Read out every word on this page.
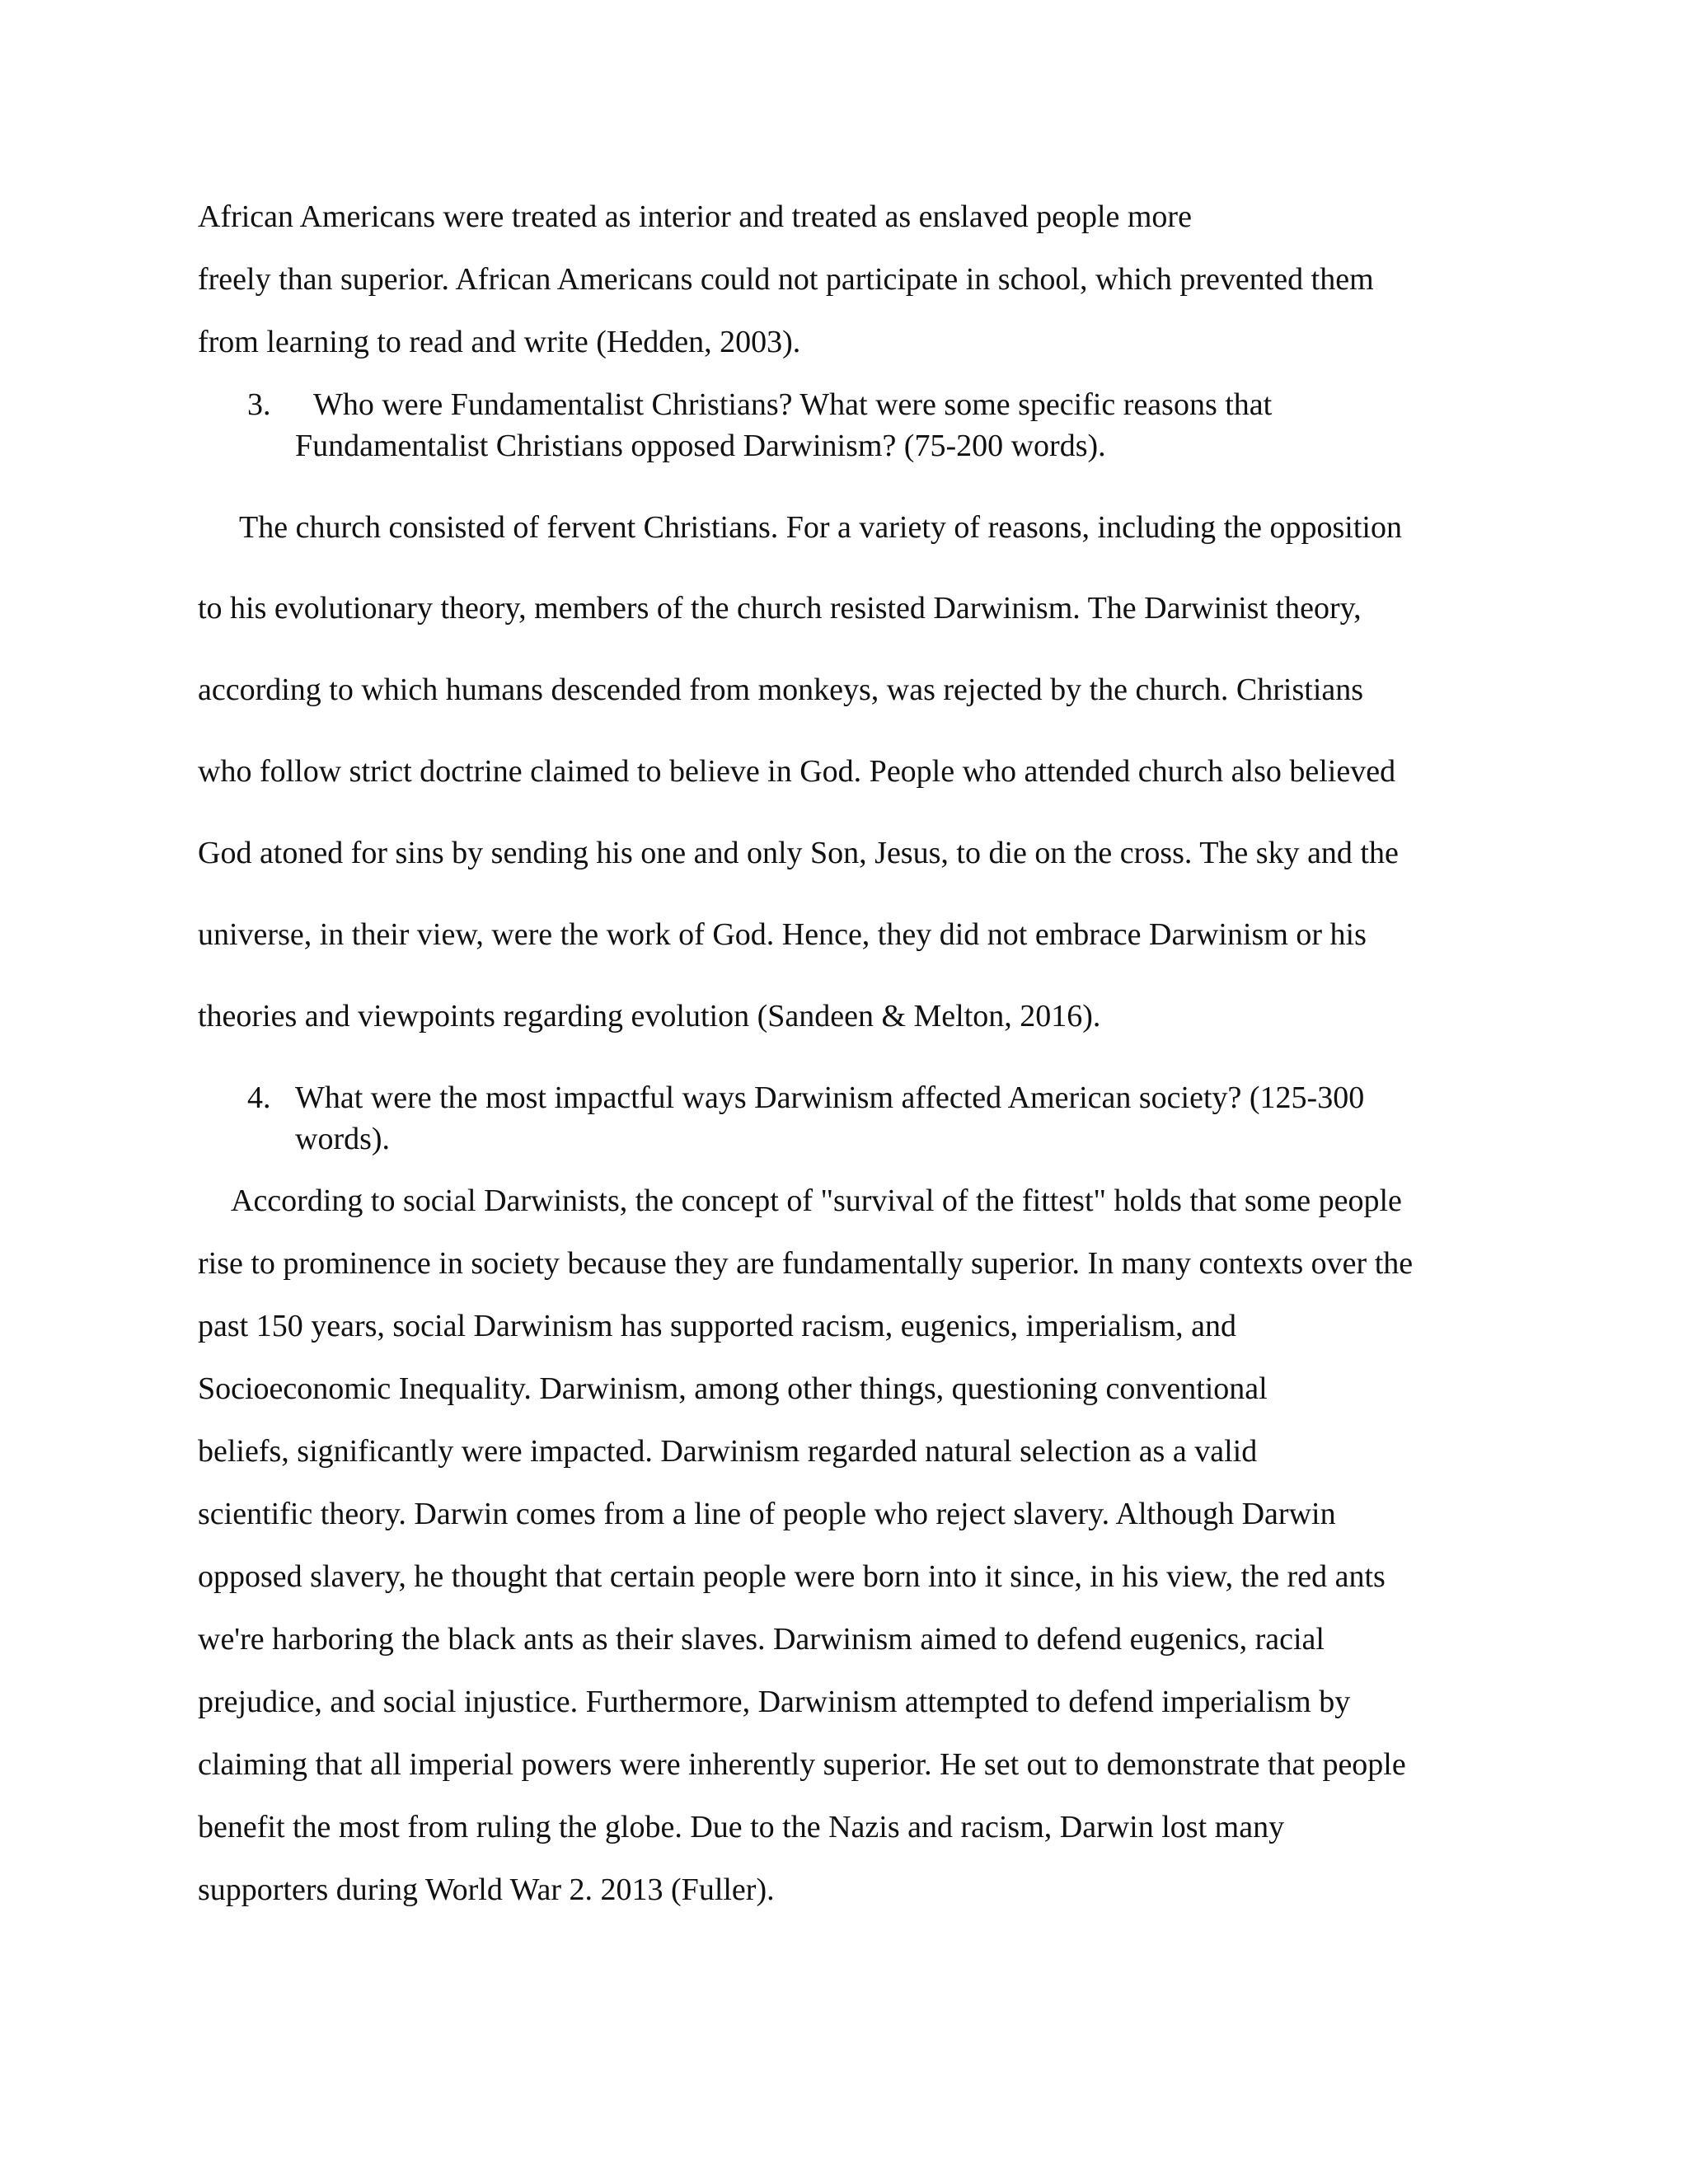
African Americans were treated as interior and treated as enslaved people more
freely than superior. African Americans could not participate in school, which prevented them
from learning to read and write (Hedden, 2003).
3. Who were Fundamentalist Christians? What were some specific reasons that
Fundamentalist Christians opposed Darwinism? (75-200 words).
The church consisted of fervent Christians. For a variety of reasons, including the opposition
to his evolutionary theory, members of the church resisted Darwinism. The Darwinist theory,
according to which humans descended from monkeys, was rejected by the church. Christians
who follow strict doctrine claimed to believe in God. People who attended church also believed
God atoned for sins by sending his one and only Son, Jesus, to die on the cross. The sky and the
universe, in their view, were the work of God. Hence, they did not embrace Darwinism or his
theories and viewpoints regarding evolution (Sandeen & Melton, 2016).
4. What were the most impactful ways Darwinism affected American society? (125-300
words).
According to social Darwinists, the concept of "survival of the fittest" holds that some people
rise to prominence in society because they are fundamentally superior. In many contexts over the
past 150 years, social Darwinism has supported racism, eugenics, imperialism, and
Socioeconomic Inequality. Darwinism, among other things, questioning conventional
beliefs, significantly were impacted. Darwinism regarded natural selection as a valid
scientific theory. Darwin comes from a line of people who reject slavery. Although Darwin
opposed slavery, he thought that certain people were born into it since, in his view, the red ants
we're harboring the black ants as their slaves. Darwinism aimed to defend eugenics, racial
prejudice, and social injustice. Furthermore, Darwinism attempted to defend imperialism by
claiming that all imperial powers were inherently superior. He set out to demonstrate that people
benefit the most from ruling the globe. Due to the Nazis and racism, Darwin lost many
supporters during World War 2. 2013 (Fuller).
